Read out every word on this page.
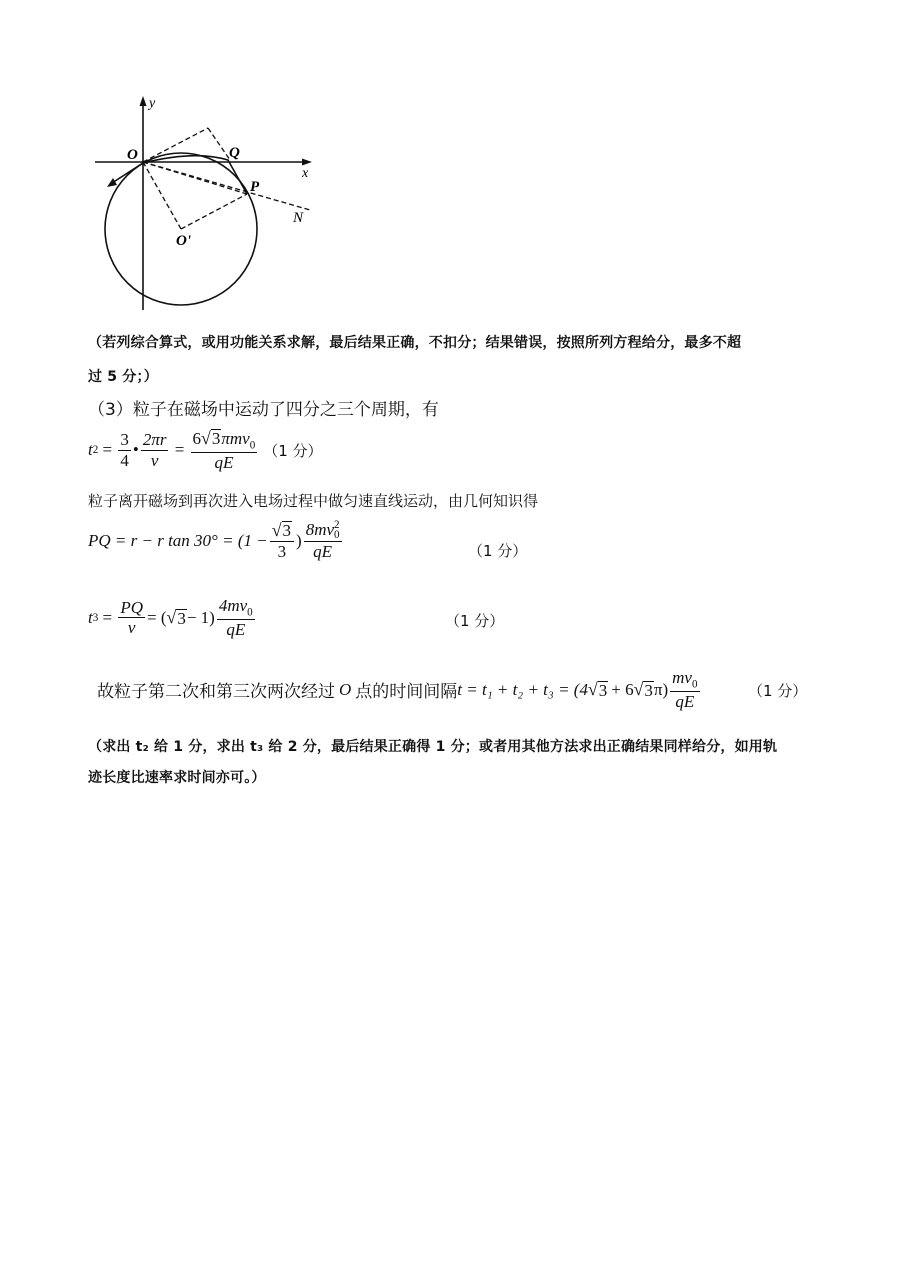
y
x
O	Q
P
N
O'
（若列综合算式，或用功能关系求解，最后结果正确，不扣分；结果错误，按照所列方程给分，最多不超
过 5 分；）
（3）粒子在磁场中运动了四分之三个周期，有
t $2 = \frac{3}{4}$ • $\frac{2\pi r}{v} = \frac{6 √ 3 \pi mv_0}{qE} (1$ 分）
粒子离开磁场到再次进入电场过程中做匀速直线运动，由几何知识得
PQ = r − r $\tan 30^\circ = (1 - \frac{√ 3}{3}$ ) 8mv 2
0
qE	（1 分）
t $3 = \frac{PQ}{v}$ = ( √ $3 - 1) \frac{4mv_0}{qE}$	（1 分）
故粒子第二次和第三次两次经过 O 点的时间间隔 t = t₁ + t₂ + t₃ = (4 √ 3 + 6 √ 3 $\pi) \frac{mv_0}{qE}$	（1 分）
（求出 t₂ 给 1 分，求出 t₃ 给 2 分，最后结果正确得 1 分；或者用其他方法求出正确结果同样给分，如用轨
迹长度比速率求时间亦可。）
